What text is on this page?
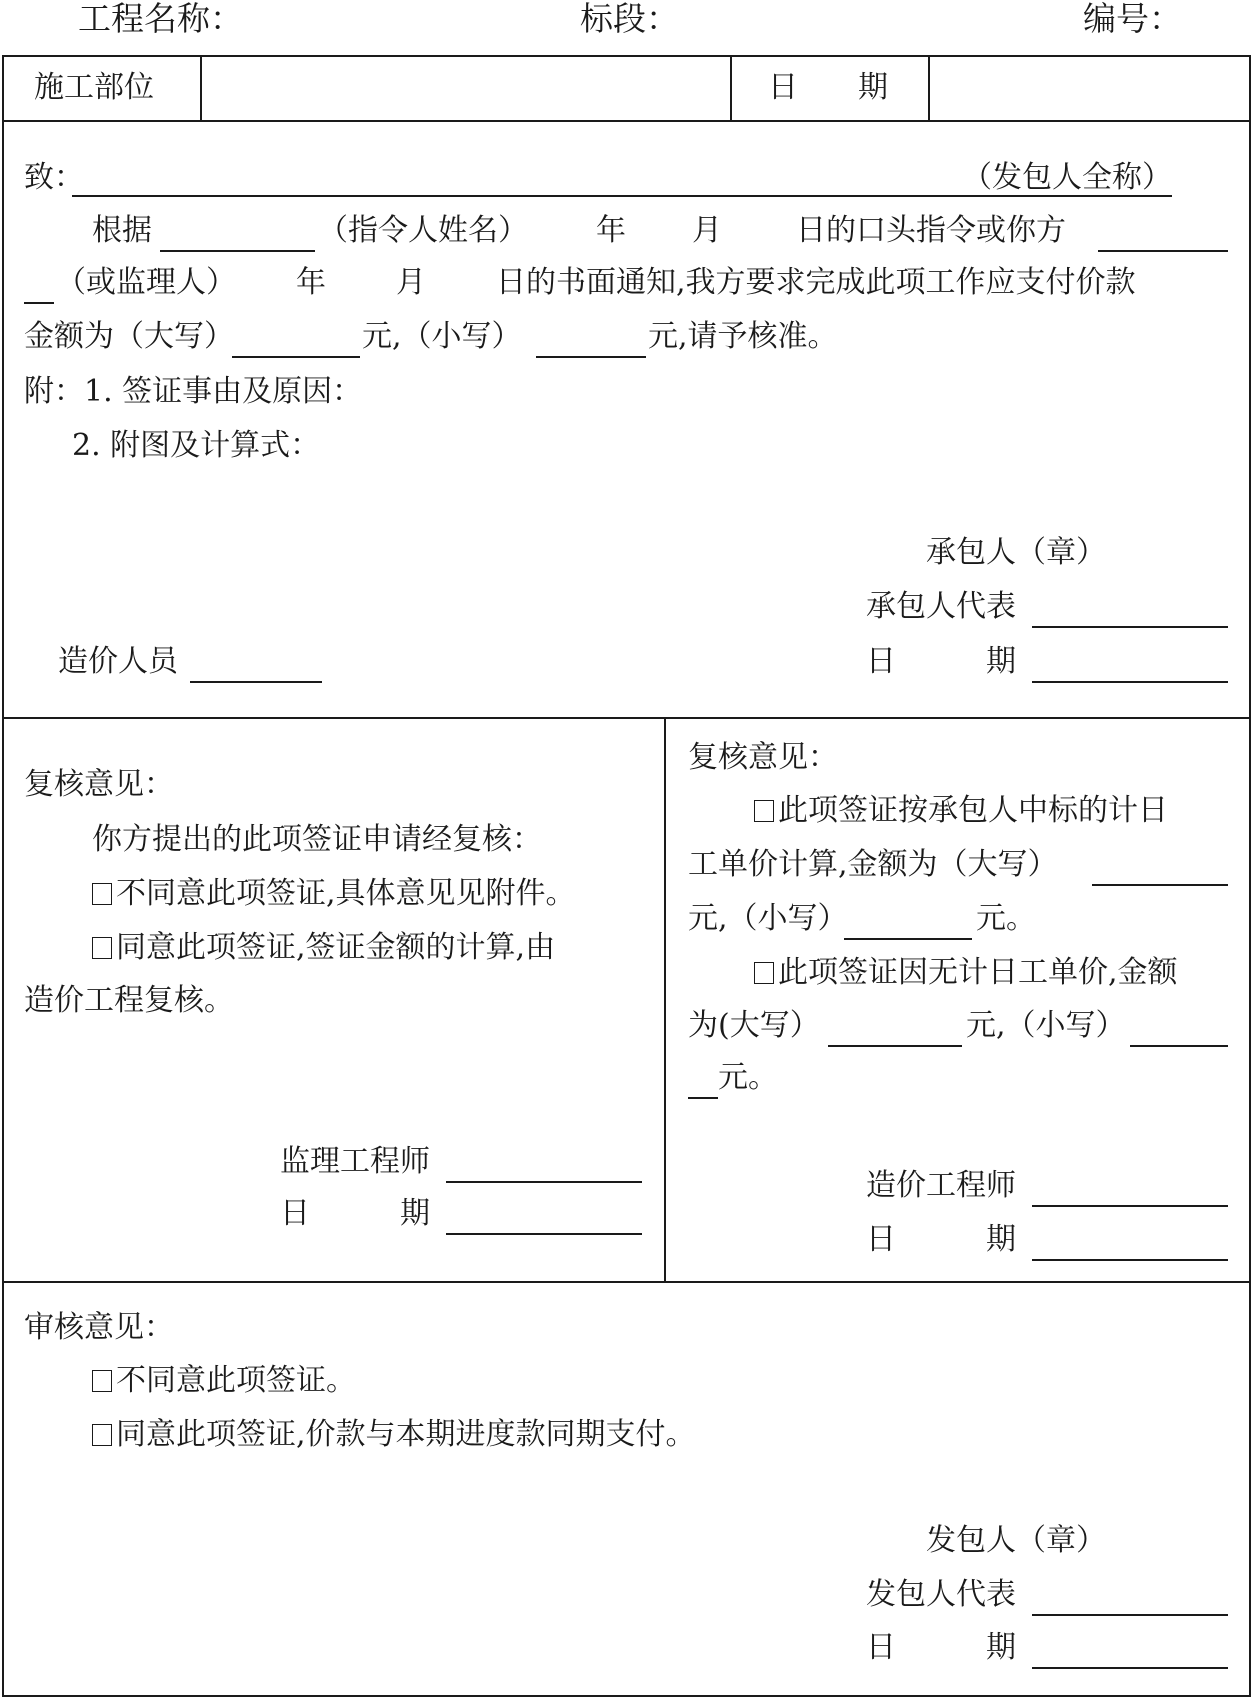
工程名称：	标段：	编号：
施工部位	日　　期
致：	（发包人全称）
根据	（指令人姓名） 年 月 日的口头指令或你方
（或监理人） 年 月 日的书面通知,我方要求完成此项工作应支付价款
金额为（大写）	元,（小写）	元,请予核准。
附：1. 签证事由及原因：
2. 附图及计算式：
承包人（章）
承包人代表
日　　　期
造价人员
复核意见：
你方提出的此项签证申请经复核：
不同意此项签证,具体意见见附件。
同意此项签证,签证金额的计算,由
造价工程复核。
监理工程师
日　　　期
复核意见：
此项签证按承包人中标的计日
工单价计算,金额为（大写）
元,（小写）	元。
此项签证因无计日工单价,金额
为(大写）	元,（小写）
元。
造价工程师
日　　　期
审核意见：
不同意此项签证。
同意此项签证,价款与本期进度款同期支付。
发包人（章）
发包人代表
日　　　期
